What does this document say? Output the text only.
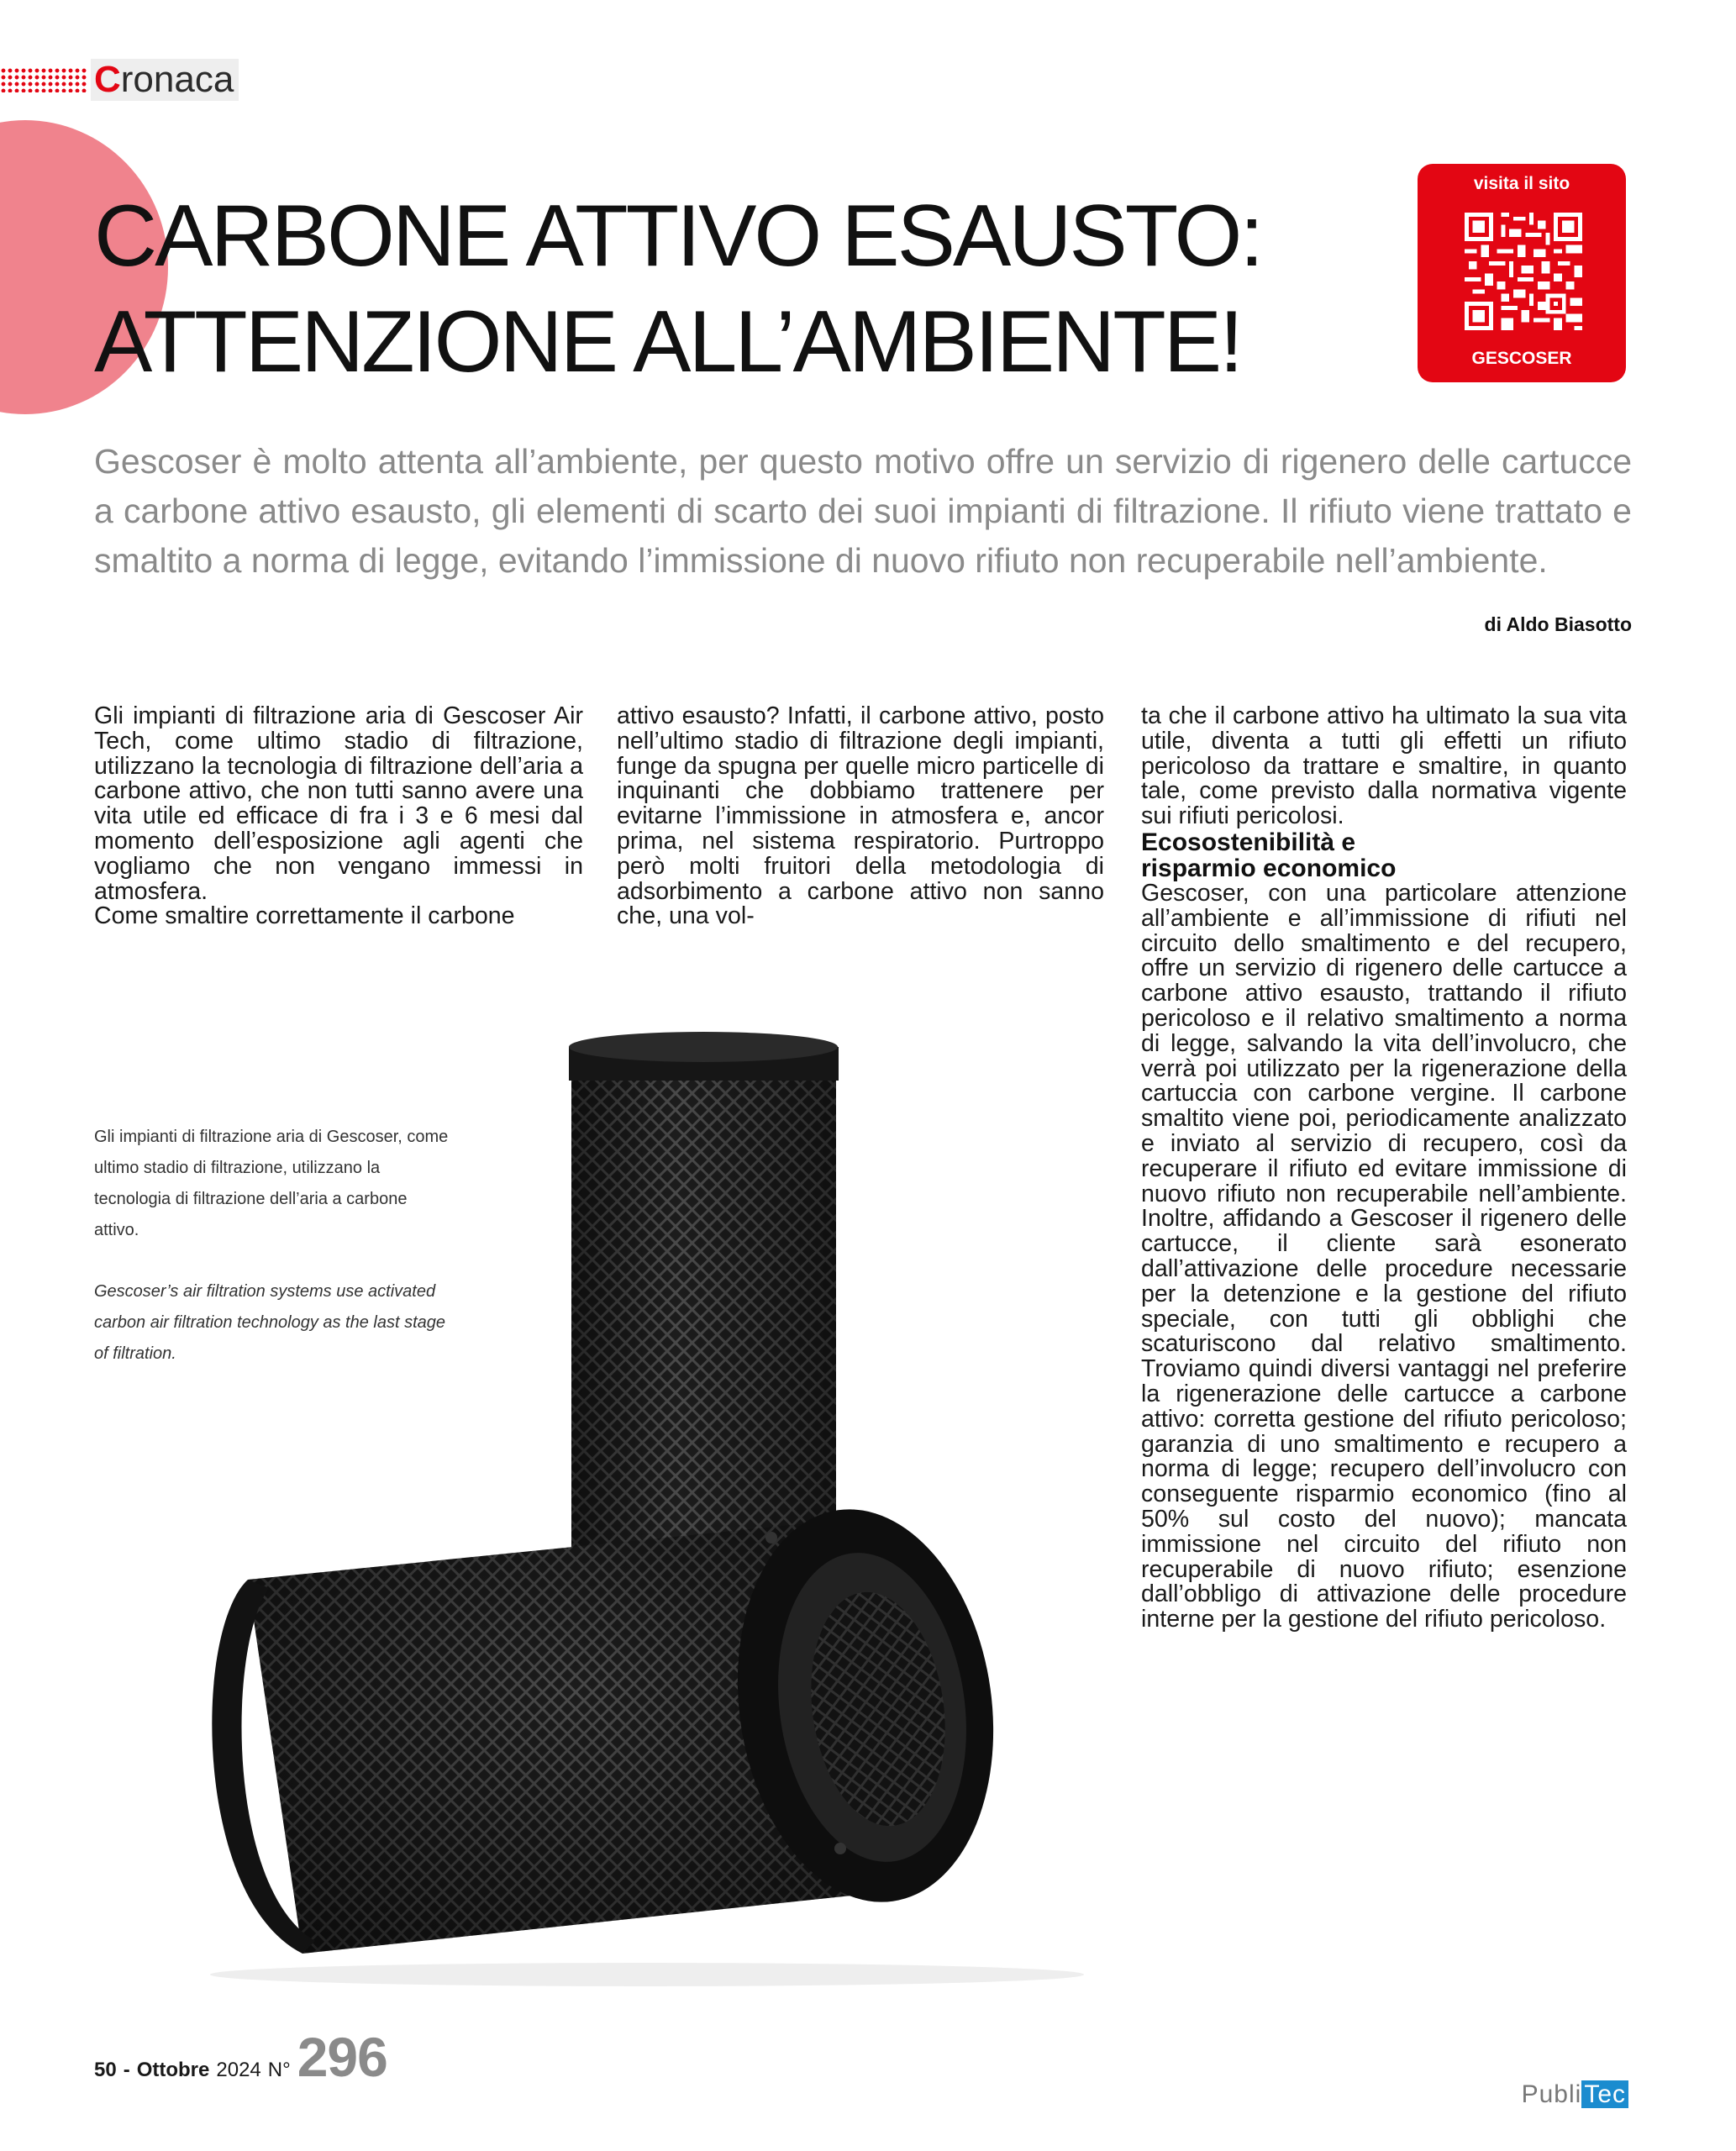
Cronaca
CARBONE ATTIVO ESAUSTO:
ATTENZIONE ALL’AMBIENTE!
visita il sito
GESCOSER

Gescoser è molto attenta all’ambiente, per questo motivo offre un servizio di rigenero delle cartucce a carbone attivo esausto, gli elementi di scarto dei suoi impianti di filtrazione. Il rifiuto viene trattato e smaltito a norma di legge, evitando l’immissione di nuovo rifiuto non recuperabile nell’ambiente.

di Aldo Biasotto

Gli impianti di filtrazione aria di Gescoser Air Tech, come ultimo stadio di filtrazione, utilizzano la tecnologia di filtrazione dell’aria a carbone attivo, che non tutti sanno avere una vita utile ed efficace di fra i 3 e 6 mesi dal momento dell’esposizione agli agenti che vogliamo che non vengano immessi in atmosfera.

Come smaltire correttamente il carbone

attivo esausto? Infatti, il carbone attivo, posto nell’ultimo stadio di filtrazione degli impianti, funge da spugna per quelle micro particelle di inquinanti che dobbiamo trattenere per evitarne l’immissione in atmosfera e, ancor prima, nel sistema respiratorio. Purtroppo però molti fruitori della metodologia di adsorbimento a carbone attivo non sanno che, una vol-

ta che il carbone attivo ha ultimato la sua vita utile, diventa a tutti gli effetti un rifiuto pericoloso da trattare e smaltire, in quanto tale, come previsto dalla normativa vigente sui rifiuti pericolosi.

Ecosostenibilità e
risparmio economico

Gescoser, con una particolare attenzione all’ambiente e all’immissione di rifiuti nel circuito dello smaltimento e del recupero, offre un servizio di rigenero delle cartucce a carbone attivo esausto, trattando il rifiuto pericoloso e il relativo smaltimento a norma di legge, salvando la vita dell’involucro, che verrà poi utilizzato per la rigenerazione della cartuccia con carbone vergine. Il carbone smaltito viene poi, periodicamente analizzato e inviato al servizio di recupero, così da recuperare il rifiuto ed evitare immissione di nuovo rifiuto non recuperabile nell’ambiente. Inoltre, affidando a Gescoser il rigenero delle cartucce, il cliente sarà esonerato dall’attivazione delle procedure necessarie per la detenzione e la gestione del rifiuto speciale, con tutti gli obblighi che scaturiscono dal relativo smaltimento. Troviamo quindi diversi vantaggi nel preferire la rigenerazione delle cartucce a carbone attivo: corretta gestione del rifiuto pericoloso; garanzia di uno smaltimento e recupero a norma di legge; recupero dell’involucro con conseguente risparmio economico (fino al 50% sul costo del nuovo); mancata immissione nel circuito del rifiuto non recuperabile di nuovo rifiuto; esenzione dall’obbligo di attivazione delle procedure interne per la gestione del rifiuto pericoloso.

Gli impianti di filtrazione aria di Gescoser, come ultimo stadio di filtrazione, utilizzano la tecnologia di filtrazione dell’aria a carbone attivo.

Gescoser’s air filtration systems use activated carbon air filtration technology as the last stage of filtration.

50 - Ottobre 2024 N° 296
Publi Tec
